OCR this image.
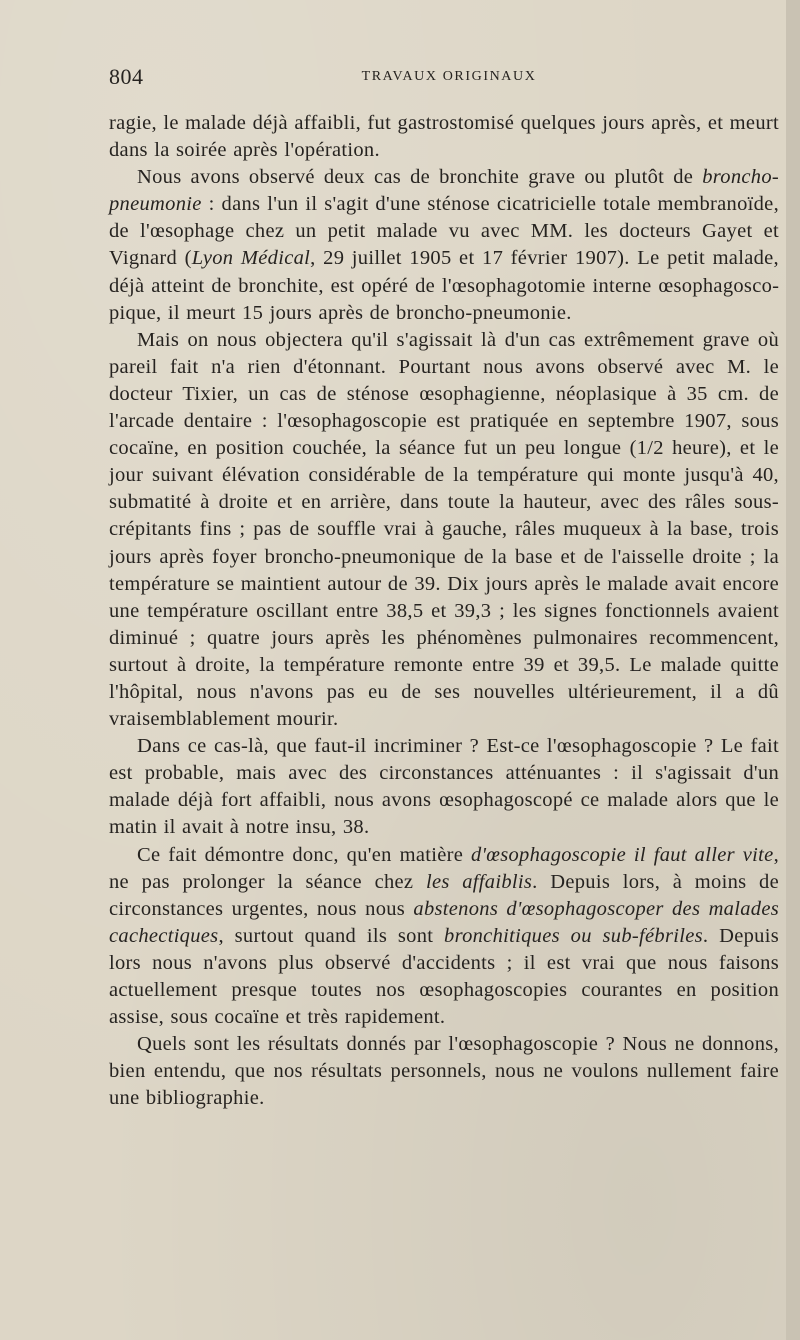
804	TRAVAUX ORIGINAUX

ragie, le malade déjà affaibli, fut gastrostomisé quelques jours après, et meurt dans la soirée après l'opération.

Nous avons observé deux cas de bronchite grave ou plutôt de broncho-pneumonie : dans l'un il s'agit d'une sténose cicatricielle totale membranoïde, de l'œsophage chez un petit malade vu avec MM. les docteurs Gayet et Vignard (Lyon Médical, 29 juillet 1905 et 17 février 1907). Le petit malade, déjà atteint de bronchite, est opéré de l'œsophagotomie interne œsophagoscopique, il meurt 15 jours après de broncho-pneumonie.

Mais on nous objectera qu'il s'agissait là d'un cas extrêmement grave où pareil fait n'a rien d'étonnant. Pourtant nous avons observé avec M. le docteur Tixier, un cas de sténose œsophagienne, néoplasique à 35 cm. de l'arcade dentaire : l'œsophagoscopie est pratiquée en septembre 1907, sous cocaïne, en position couchée, la séance fut un peu longue (1/2 heure), et le jour suivant élévation considérable de la température qui monte jusqu'à 40, submatité à droite et en arrière, dans toute la hauteur, avec des râles sous-crépitants fins ; pas de souffle vrai à gauche, râles muqueux à la base, trois jours après foyer broncho-pneumonique de la base et de l'aisselle droite ; la température se maintient autour de 39. Dix jours après le malade avait encore une température oscillant entre 38,5 et 39,3 ; les signes fonctionnels avaient diminué ; quatre jours après les phénomènes pulmonaires recommencent, surtout à droite, la température remonte entre 39 et 39,5. Le malade quitte l'hôpital, nous n'avons pas eu de ses nouvelles ultérieurement, il a dû vraisemblablement mourir.

Dans ce cas-là, que faut-il incriminer ? Est-ce l'œsophagoscopie ? Le fait est probable, mais avec des circonstances atténuantes : il s'agissait d'un malade déjà fort affaibli, nous avons œsophagoscopé ce malade alors que le matin il avait à notre insu, 38.

Ce fait démontre donc, qu'en matière d'œsophagoscopie il faut aller vite, ne pas prolonger la séance chez les affaiblis. Depuis lors, à moins de circonstances urgentes, nous nous abstenons d'œsophagoscoper des malades cachectiques, surtout quand ils sont bronchitiques ou sub-fébriles. Depuis lors nous n'avons plus observé d'accidents ; il est vrai que nous faisons actuellement presque toutes nos œsophagoscopies courantes en position assise, sous cocaïne et très rapidement.

Quels sont les résultats donnés par l'œsophagoscopie ? Nous ne donnons, bien entendu, que nos résultats personnels, nous ne voulons nullement faire une bibliographie.
